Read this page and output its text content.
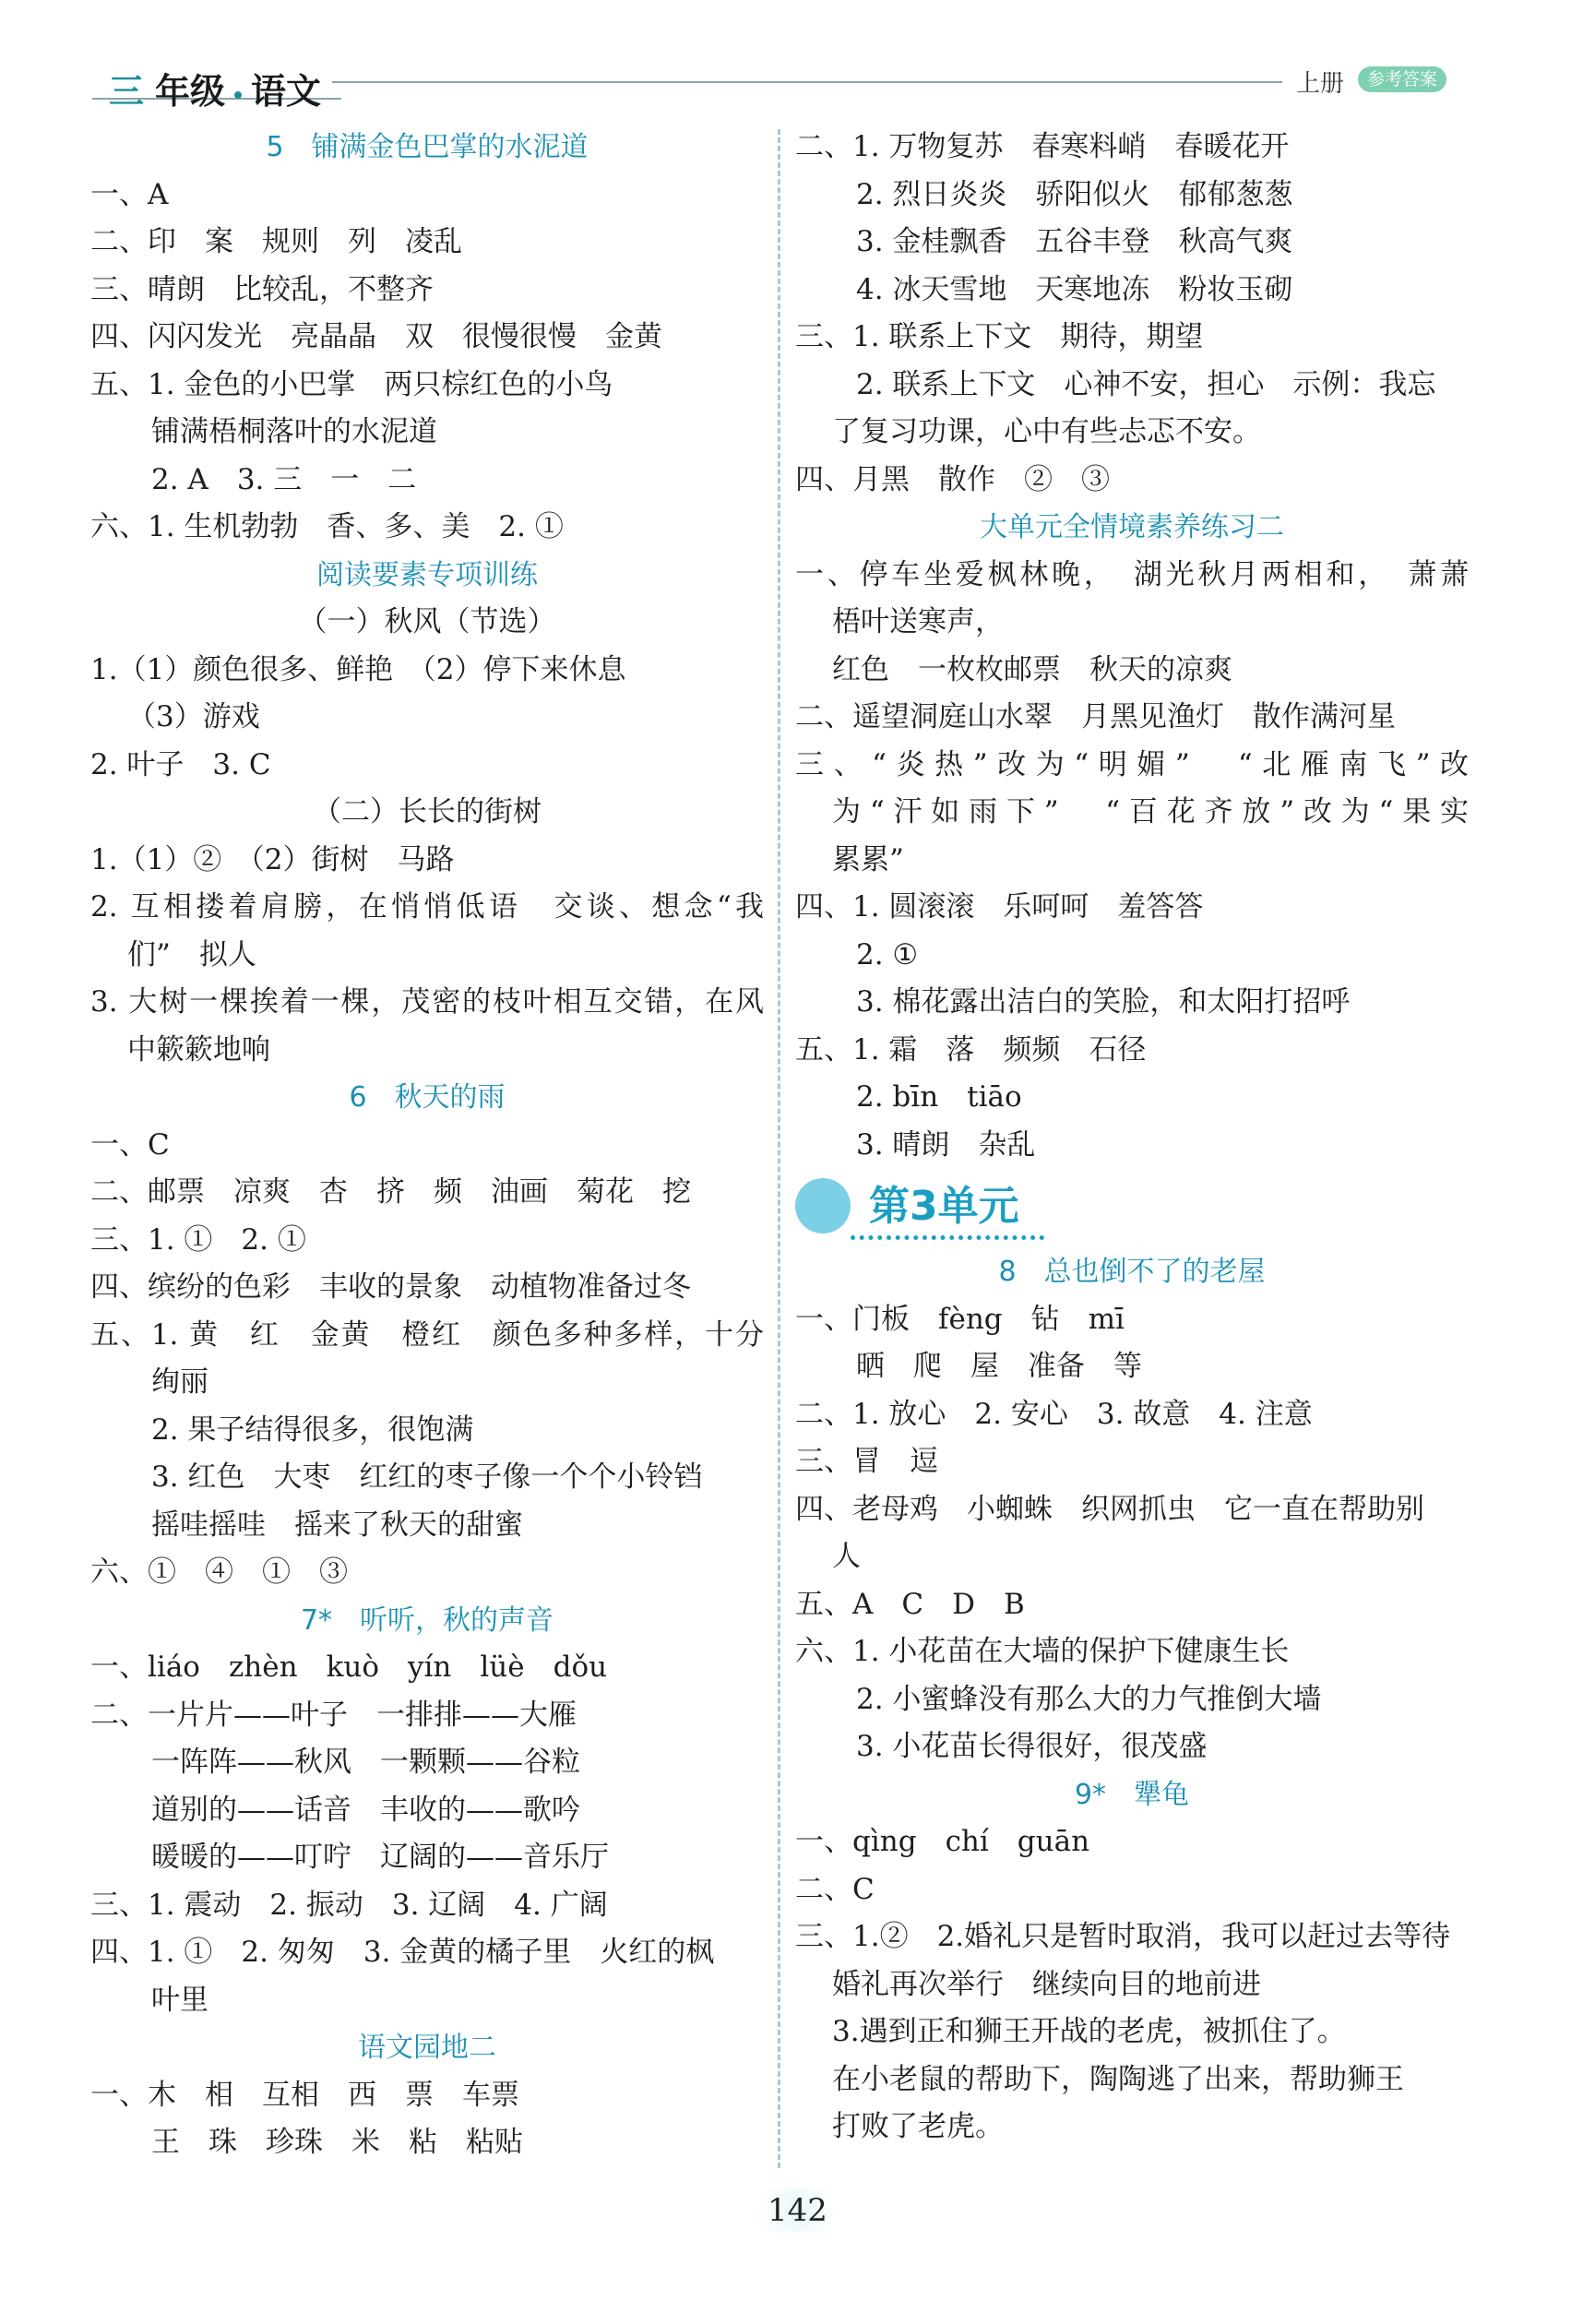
三 年级 语文	上册	参考答案
5　铺满金色巴掌的水泥道
一、A
二、印　案　规则　列　凌乱
三、晴朗　比较乱，不整齐
四、闪闪发光　亮晶晶　双　很慢很慢　金黄
五、1. 金色的小巴掌　两只棕红色的小鸟
铺满梧桐落叶的水泥道
2. A　3. 三　一　二
六、1. 生机勃勃　香、多、美　2. ①
阅读要素专项训练
（一）秋风（节选）
1.（1）颜色很多、鲜艳　（2）停下来休息
（3）游戏
2. 叶子　3. C
（二）长长的街树
1.（1）②　（2）街树　马路
2. 互相搂着肩膀，在悄悄低语　交谈、想念“我
们”　拟人
3. 大树一棵挨着一棵，茂密的枝叶相互交错，在风
中簌簌地响
6　秋天的雨
一、C
二、邮票　凉爽　杏　挤　频　油画　菊花　挖
三、1. ①　2. ①
四、缤纷的色彩　丰收的景象　动植物准备过冬
五、1. 黄　红　金黄　橙红　颜色多种多样，十分
绚丽
2. 果子结得很多，很饱满
3. 红色　大枣　红红的枣子像一个个小铃铛
摇哇摇哇　摇来了秋天的甜蜜
六、①　④　①　③
7*　听听，秋的声音
一、liáo　zhèn　kuò　yín　lüè　dǒu
二、一片片——叶子　一排排——大雁
一阵阵——秋风　一颗颗——谷粒
道别的——话音　丰收的——歌吟
暖暖的——叮咛　辽阔的——音乐厅
三、1. 震动　2. 振动　3. 辽阔　4. 广阔
四、1. ①　2. 匆匆　3. 金黄的橘子里　火红的枫
叶里
语文园地二
一、木　相　互相　西　票　车票
王　珠　珍珠　米　粘　粘贴
二、1. 万物复苏　春寒料峭　春暖花开
2. 烈日炎炎　骄阳似火　郁郁葱葱
3. 金桂飘香　五谷丰登　秋高气爽
4. 冰天雪地　天寒地冻　粉妆玉砌
三、1. 联系上下文　期待，期望
2. 联系上下文　心神不安，担心　示例：我忘
了复习功课，心中有些忐忑不安。
四、月黑　散作　②　③
大单元全情境素养练习二
一、停车坐爱枫林晚，　湖光秋月两相和，　萧萧
梧叶送寒声，
红色　一枚枚邮票　秋天的凉爽
二、遥望洞庭山水翠　月黑见渔灯　散作满河星
三、“炎热”改为“明媚”　“北雁南飞”改
为“汗如雨下”　“百花齐放”改为“果实
累累”
四、1. 圆滚滚　乐呵呵　羞答答
2. ①
3. 棉花露出洁白的笑脸，和太阳打招呼
五、1. 霜　落　频频　石径
2. bīn　tiāo
3. 晴朗　杂乱
第3单元
8　总也倒不了的老屋
一、门板　fèng　钻　mī
晒　爬　屋　准备　等
二、1. 放心　2. 安心　3. 故意　4. 注意
三、冒　逗
四、老母鸡　小蜘蛛　织网抓虫　它一直在帮助别
人
五、A　C　D　B
六、1. 小花苗在大墙的保护下健康生长
2. 小蜜蜂没有那么大的力气推倒大墙
3. 小花苗长得很好，很茂盛
9*　犟龟
一、qìng　chí　guān
二、C
三、1.②　2.婚礼只是暂时取消，我可以赶过去等待
婚礼再次举行　继续向目的地前进
3.遇到正和狮王开战的老虎，被抓住了。
在小老鼠的帮助下，陶陶逃了出来，帮助狮王
打败了老虎。
142
